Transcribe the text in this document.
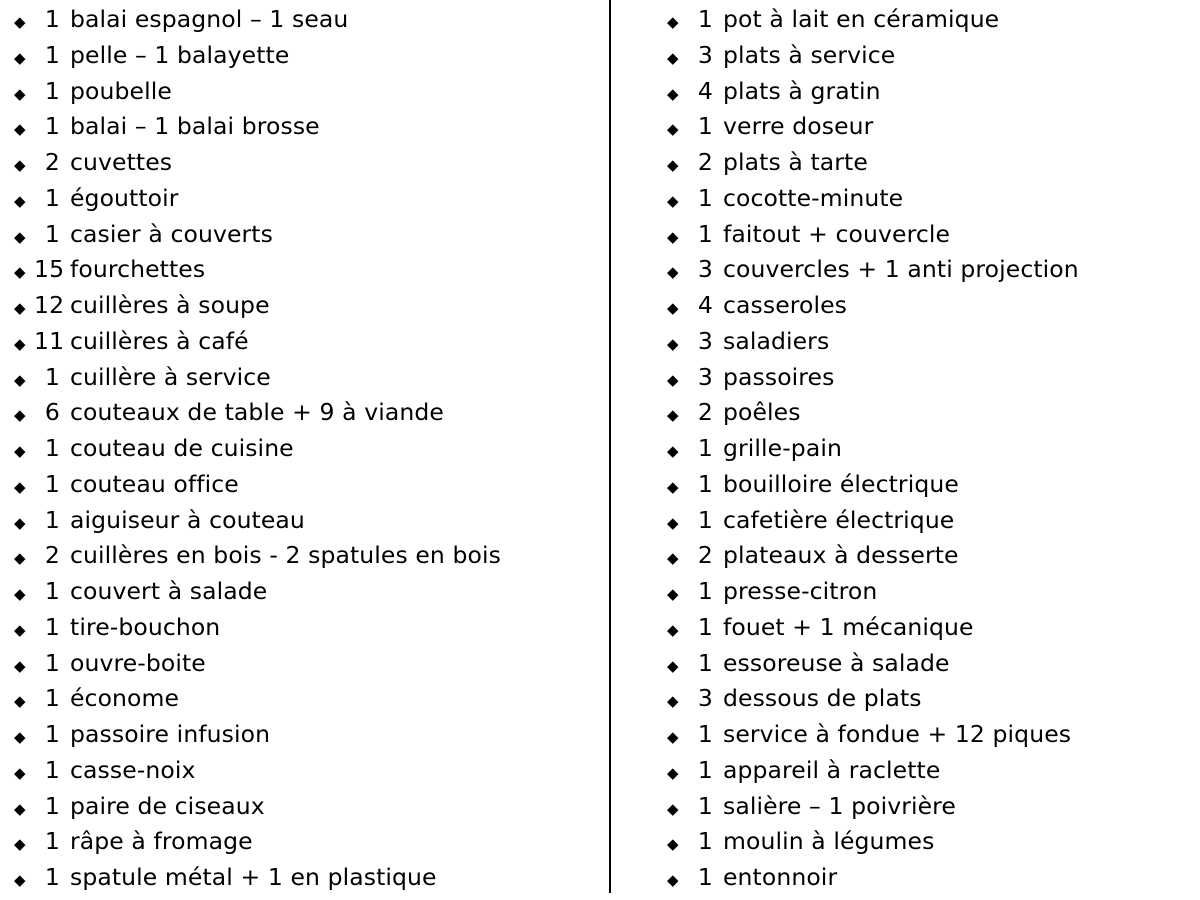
◆ 1 balai espagnol – 1 seau
◆ 1 pelle – 1 balayette
◆ 1 poubelle
◆ 1 balai – 1 balai brosse
◆ 2 cuvettes
◆ 1 égouttoir
◆ 1 casier à couverts
◆ 15 fourchettes
◆ 12 cuillères à soupe
◆ 11 cuillères à café
◆ 1 cuillère à service
◆ 6 couteaux de table + 9 à viande
◆ 1 couteau de cuisine
◆ 1 couteau office
◆ 1 aiguiseur à couteau
◆ 2 cuillères en bois - 2 spatules en bois
◆ 1 couvert à salade
◆ 1 tire-bouchon
◆ 1 ouvre-boite
◆ 1 économe
◆ 1 passoire infusion
◆ 1 casse-noix
◆ 1 paire de ciseaux
◆ 1 râpe à fromage
◆ 1 spatule métal + 1 en plastique
◆ 1 pot à lait en céramique
◆ 3 plats à service
◆ 4 plats à gratin
◆ 1 verre doseur
◆ 2 plats à tarte
◆ 1 cocotte-minute
◆ 1 faitout + couvercle
◆ 3 couvercles + 1 anti projection
◆ 4 casseroles
◆ 3 saladiers
◆ 3 passoires
◆ 2 poêles
◆ 1 grille-pain
◆ 1 bouilloire électrique
◆ 1 cafetière électrique
◆ 2 plateaux à desserte
◆ 1 presse-citron
◆ 1 fouet + 1 mécanique
◆ 1 essoreuse à salade
◆ 3 dessous de plats
◆ 1 service à fondue + 12 piques
◆ 1 appareil à raclette
◆ 1 salière – 1 poivrière
◆ 1 moulin à légumes
◆ 1 entonnoir
